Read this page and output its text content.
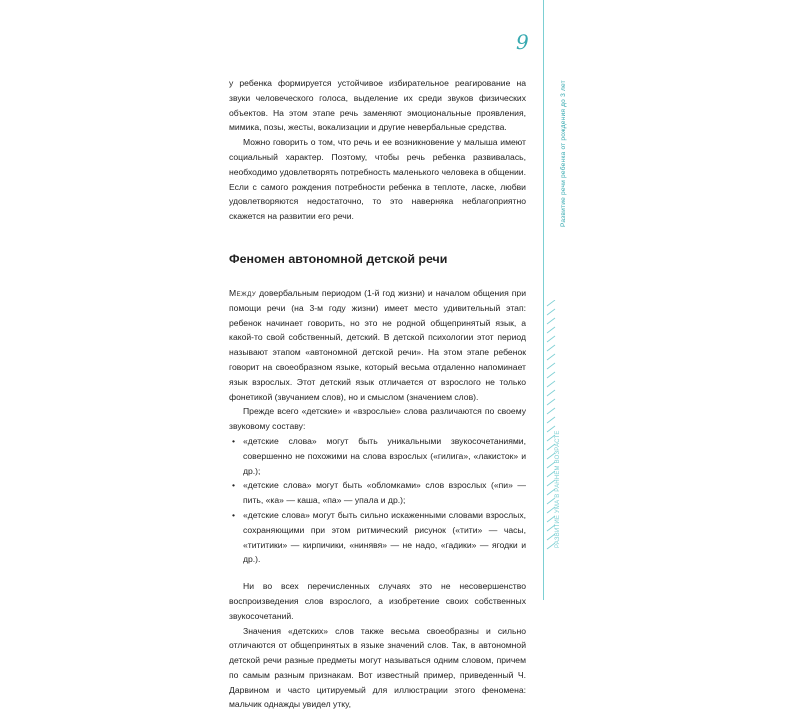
9

у ребенка формируется устойчивое избирательное реагирование на звуки человеческого голоса, выделение их среди звуков физических объектов. На этом этапе речь заменяют эмоциональные проявления, мимика, позы, жесты, вокализации и другие невербальные средства.

Можно говорить о том, что речь и ее возникновение у малыша имеют социальный характер. Поэтому, чтобы речь ребенка развивалась, необходимо удовлетворять потребность маленького человека в общении. Если с самого рождения потребности ребенка в теплоте, ласке, любви удовлетворяются недостаточно, то это наверняка неблагоприятно скажется на развитии его речи.

Феномен автономной детской речи

Между довербальным периодом (1-й год жизни) и началом общения при помощи речи (на 3-м году жизни) имеет место удивительный этап: ребенок начинает говорить, но это не родной общепринятый язык, а какой-то свой собственный, детский. В детской психологии этот период называют этапом «автономной детской речи». На этом этапе ребенок говорит на своеобразном языке, который весьма отдаленно напоминает язык взрослых. Этот детский язык отличается от взрослого не только фонетикой (звучанием слов), но и смыслом (значением слов).

Прежде всего «детские» и «взрослые» слова различаются по своему звуковому составу:

• «детские слова» могут быть уникальными звукосочетаниями, совершенно не похожими на слова взрослых («гилига», «лакисток» и др.);
• «детские слова» могут быть «обломками» слов взрослых («пи» — пить, «ка» — каша, «па» — упала и др.);
• «детские слова» могут быть сильно искаженными словами взрослых, сохраняющими при этом ритмический рисунок («тити» — часы, «тититики» — кирпичики, «нинявя» — не надо, «гадики» — ягодки и др.).

Ни во всех перечисленных случаях это не несовершенство воспроизведения слов взрослого, а изобретение своих собственных звукосочетаний.

Значения «детских» слов также весьма своеобразны и сильно отличаются от общепринятых в языке значений слов. Так, в автономной детской речи разные предметы могут называться одним словом, причем по самым разным признакам. Вот известный пример, приведенный Ч. Дарвином и часто цитируемый для иллюстрации этого феномена: мальчик однажды увидел утку,

Развитие речи ребенка от рождения до 3 лет
РАЗВИТИЕ УМА В РАННЕМ ВОЗРАСТЕ
